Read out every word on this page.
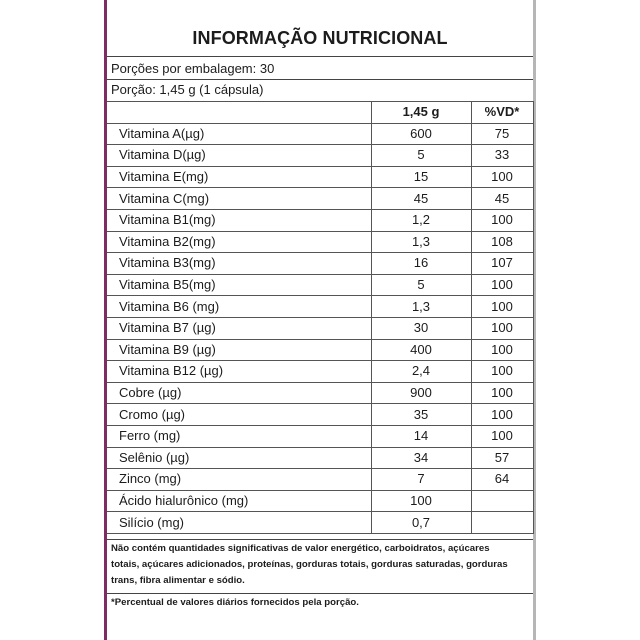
INFORMAÇÃO NUTRICIONAL
Porções por embalagem: 30
Porção: 1,45 g (1 cápsula)
	1,45 g	%VD*
Vitamina A(µg)	600	75
Vitamina D(µg)	5	33
Vitamina E(mg)	15	100
Vitamina C(mg)	45	45
Vitamina B1(mg)	1,2	100
Vitamina B2(mg)	1,3	108
Vitamina B3(mg)	16	107
Vitamina B5(mg)	5	100
Vitamina B6 (mg)	1,3	100
Vitamina B7 (µg)	30	100
Vitamina B9 (µg)	400	100
Vitamina B12 (µg)	2,4	100
Cobre (µg)	900	100
Cromo (µg)	35	100
Ferro (mg)	14	100
Selênio (µg)	34	57
Zinco (mg)	7	64
Ácido hialurônico (mg)	100	
Silício (mg)	0,7	
Não contém quantidades significativas de valor energético, carboidratos, açúcares
totais, açúcares adicionados, proteínas, gorduras totais, gorduras saturadas, gorduras
trans, fibra alimentar e sódio.
*Percentual de valores diários fornecidos pela porção.
